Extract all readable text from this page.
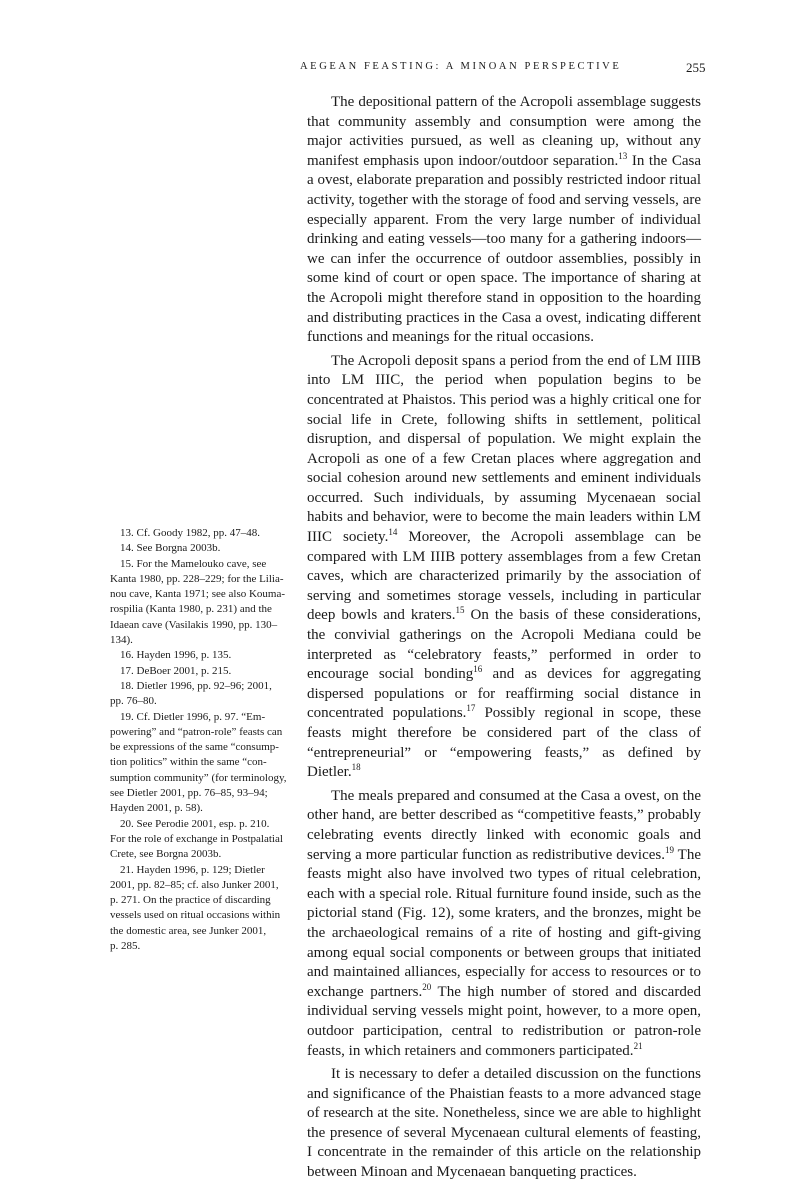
AEGEAN FEASTING: A MINOAN PERSPECTIVE	255

The depositional pattern of the Acropoli assemblage suggests that community assembly and consumption were among the major activities pursued, as well as cleaning up, without any manifest emphasis upon indoor/outdoor separation.$^{13}$ In the Casa a ovest, elaborate preparation and possibly restricted indoor ritual activity, together with the storage of food and serving vessels, are especially apparent. From the very large number of individual drinking and eating vessels—too many for a gathering indoors—we can infer the occurrence of outdoor assemblies, possibly in some kind of court or open space. The importance of sharing at the Acropoli might therefore stand in opposition to the hoarding and distributing practices in the Casa a ovest, indicating different functions and meanings for the ritual occasions.

The Acropoli deposit spans a period from the end of LM IIIB into LM IIIC, the period when population begins to be concentrated at Phaistos. This period was a highly critical one for social life in Crete, following shifts in settlement, political disruption, and dispersal of population. We might explain the Acropoli as one of a few Cretan places where aggregation and social cohesion around new settlements and eminent individuals occurred. Such individuals, by assuming Mycenaean social habits and behavior, were to become the main leaders within LM IIIC society.$^{14}$ Moreover, the Acropoli assemblage can be compared with LM IIIB pottery assemblages from a few Cretan caves, which are characterized primarily by the association of serving and sometimes storage vessels, including in particular deep bowls and kraters.$^{15}$ On the basis of these considerations, the convivial gatherings on the Acropoli Mediana could be interpreted as “celebratory feasts,” performed in order to encourage social bonding$^{16}$ and as devices for aggregating dispersed populations or for reaffirming social distance in concentrated populations.$^{17}$ Possibly regional in scope, these feasts might therefore be considered part of the class of “entrepreneurial” or “empowering feasts,” as defined by Dietler.$^{18}$

The meals prepared and consumed at the Casa a ovest, on the other hand, are better described as “competitive feasts,” probably celebrating events directly linked with economic goals and serving a more particular function as redistributive devices.$^{19}$ The feasts might also have involved two types of ritual celebration, each with a special role. Ritual furniture found inside, such as the pictorial stand (Fig. 12), some kraters, and the bronzes, might be the archaeological remains of a rite of hosting and gift-giving among equal social components or between groups that initiated and maintained alliances, especially for access to resources or to exchange partners.$^{20}$ The high number of stored and discarded individual serving vessels might point, however, to a more open, outdoor participation, central to redistribution or patron-role feasts, in which retainers and commoners participated.$^{21}$

It is necessary to defer a detailed discussion on the functions and significance of the Phaistian feasts to a more advanced stage of research at the site. Nonetheless, since we are able to highlight the presence of several Mycenaean cultural elements of feasting, I concentrate in the remainder of this article on the relationship between Minoan and Mycenaean banqueting practices.

13. Cf. Goody 1982, pp. 47–48.
14. See Borgna 2003b.
15. For the Mamelouko cave, see
Kanta 1980, pp. 228–229; for the Lilia-
nou cave, Kanta 1971; see also Kouma-
rospilia (Kanta 1980, p. 231) and the
Idaean cave (Vasilakis 1990, pp. 130–
134).
16. Hayden 1996, p. 135.
17. DeBoer 2001, p. 215.
18. Dietler 1996, pp. 92–96; 2001,
pp. 76–80.
19. Cf. Dietler 1996, p. 97. “Em-
powering” and “patron-role” feasts can
be expressions of the same “consump-
tion politics” within the same “con-
sumption community” (for terminology,
see Dietler 2001, pp. 76–85, 93–94;
Hayden 2001, p. 58).
20. See Perodie 2001, esp. p. 210.
For the role of exchange in Postpalatial
Crete, see Borgna 2003b.
21. Hayden 1996, p. 129; Dietler
2001, pp. 82–85; cf. also Junker 2001,
p. 271. On the practice of discarding
vessels used on ritual occasions within
the domestic area, see Junker 2001,
p. 285.
